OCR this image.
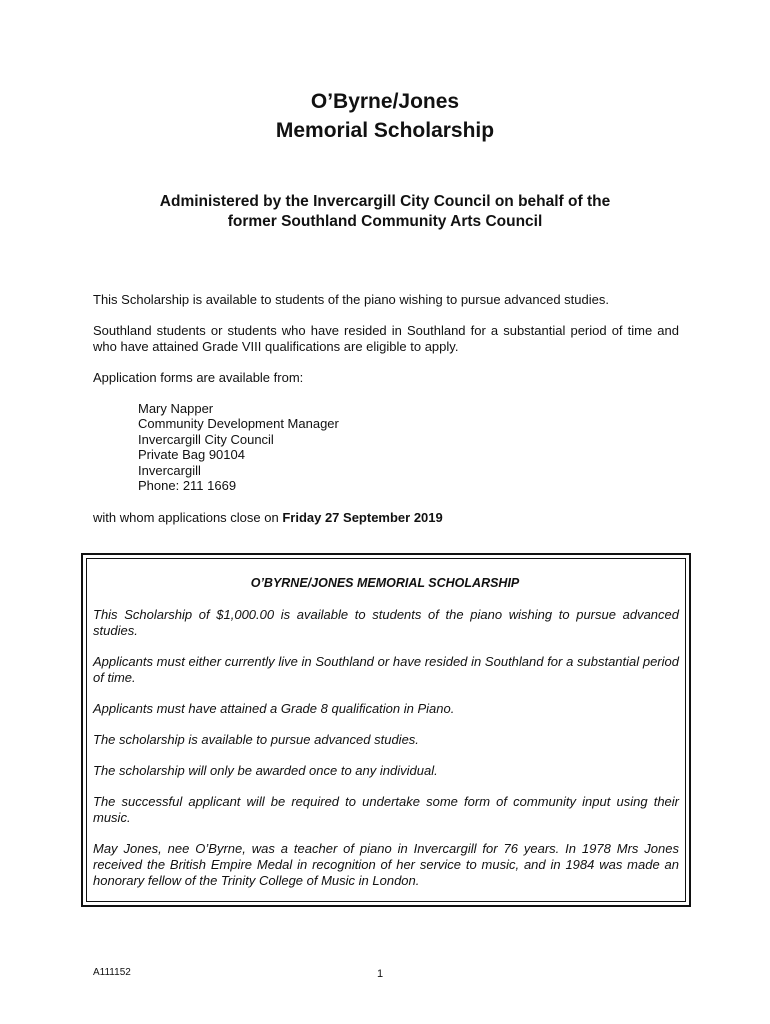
O’Byrne/Jones
Memorial Scholarship
Administered by the Invercargill City Council on behalf of the
former Southland Community Arts Council

This Scholarship is available to students of the piano wishing to pursue advanced studies.

Southland students or students who have resided in Southland for a substantial period of time and who have attained Grade VIII qualifications are eligible to apply.

Application forms are available from:

Mary Napper
Community Development Manager
Invercargill City Council
Private Bag 90104
Invercargill
Phone: 211 1669

with whom applications close on Friday 27 September 2019

O’BYRNE/JONES MEMORIAL SCHOLARSHIP

This Scholarship of $1,000.00 is available to students of the piano wishing to pursue advanced studies.

Applicants must either currently live in Southland or have resided in Southland for a substantial period of time.

Applicants must have attained a Grade 8 qualification in Piano.

The scholarship is available to pursue advanced studies.

The scholarship will only be awarded once to any individual.

The successful applicant will be required to undertake some form of community input using their music.

May Jones, nee O’Byrne, was a teacher of piano in Invercargill for 76 years. In 1978 Mrs Jones received the British Empire Medal in recognition of her service to music, and in 1984 was made an honorary fellow of the Trinity College of Music in London.

A111152	1
